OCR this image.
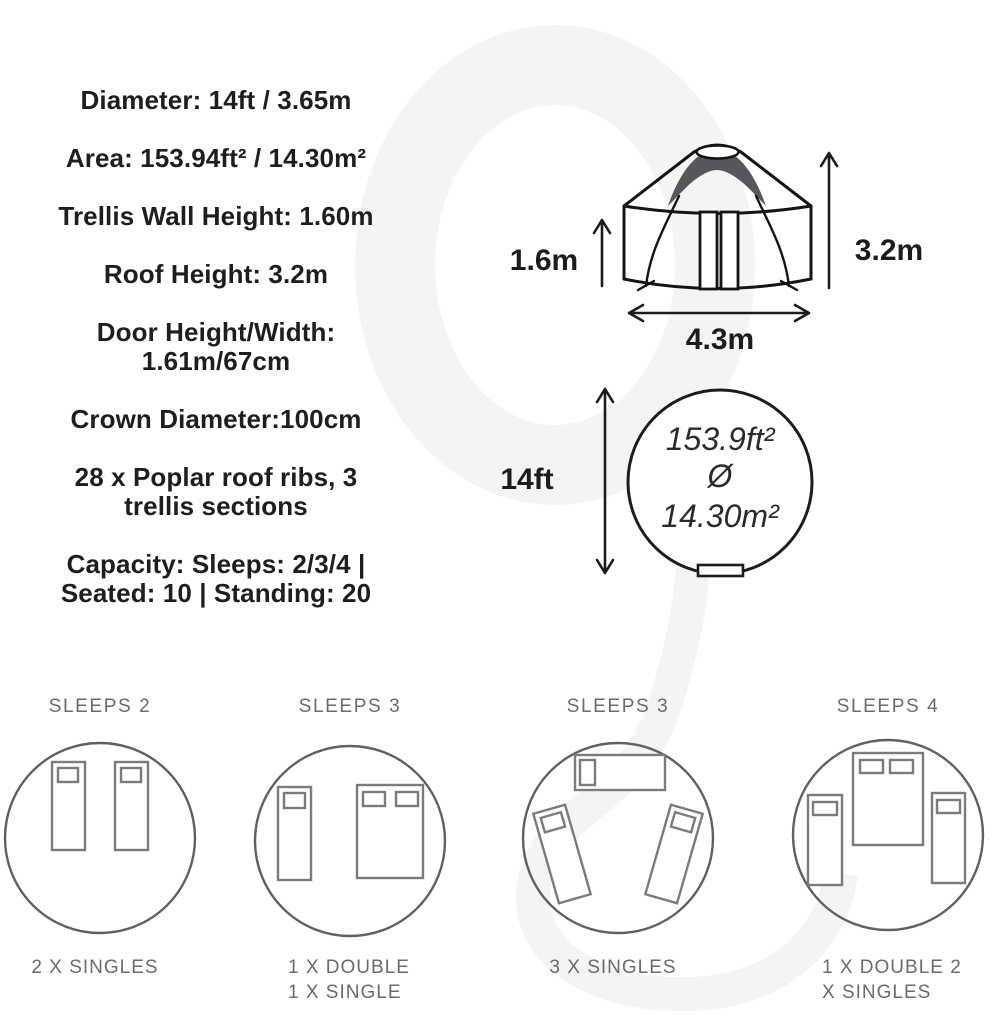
1.6m	3.2m
4.3m
14ft
153.9ft²
Ø
14.30m²

Diameter: 14ft / 3.65m

Area: 153.94ft² / 14.30m²

Trellis Wall Height: 1.60m

Roof Height: 3.2m

Door Height/Width:
1.61m/67cm

Crown Diameter:100cm

28 x Poplar roof ribs, 3
trellis sections

Capacity: Sleeps: 2/3/4 |
Seated: 10 | Standing: 20

SLEEPS 2	SLEEPS 3	SLEEPS 3	SLEEPS 4
2 X SINGLES	1 X DOUBLE
1 X SINGLE
3 X SINGLES	1 X DOUBLE 2
X SINGLES
